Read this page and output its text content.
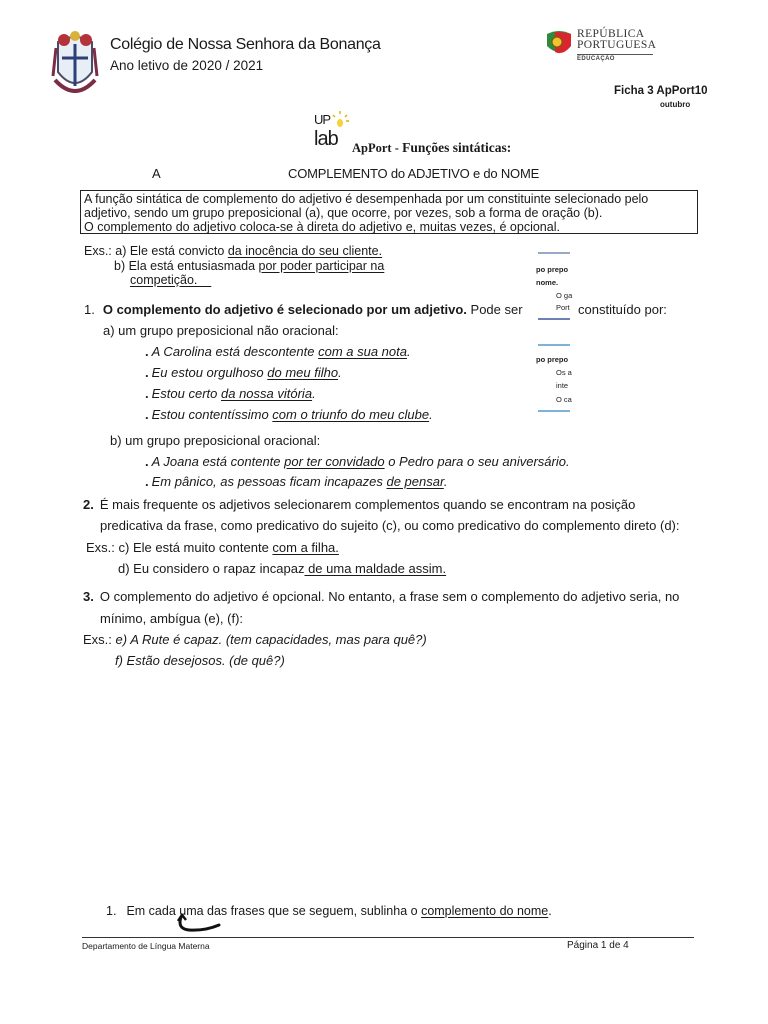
Colégio de Nossa Senhora da Bonança
Ano letivo de 2020 / 2021
REPÚBLICA
PORTUGUESA
EDUCAÇÃO
Ficha 3 ApPort10
outubro
UP
lab ApPort - Funções sintáticas:
A	COMPLEMENTO do ADJETIVO e do NOME
A função sintática de complemento do adjetivo é desempenhada por um constituinte selecionado pelo
adjetivo, sendo um grupo preposicional (a), que ocorre, por vezes, sob a forma de oração (b).
O complemento do adjetivo coloca-se à direta do adjetivo e, muitas vezes, é opcional.
Exs.: a) Ele está convicto da inocência do seu cliente.
b) Ela está entusiasmada por poder participar na
competição.
po prepo
nome.
O ga
Port
po prepo
Os a
inte
O ca
1. O complemento do adjetivo é selecionado por um adjetivo. Pode ser	constituído por:
a) um grupo preposicional não oracional:
. A Carolina está descontente com a sua nota.
. Eu estou orgulhoso do meu filho.
. Estou certo da nossa vitória.
. Estou contentíssimo com o triunfo do meu clube.
b) um grupo preposicional oracional:
. A Joana está contente por ter convidado o Pedro para o seu aniversário.
. Em pânico, as pessoas ficam incapazes de pensar.
2. É mais frequente os adjetivos selecionarem complementos quando se encontram na posição
predicativa da frase, como predicativo do sujeito (c), ou como predicativo do complemento direto (d):
Exs.: c) Ele está muito contente com a filha.
d) Eu considero o rapaz incapaz de uma maldade assim.
3. O complemento do adjetivo é opcional. No entanto, a frase sem o complemento do adjetivo seria, no
mínimo, ambígua (e), (f):
Exs.: e) A Rute é capaz. (tem capacidades, mas para quê?)
f) Estão desejosos. (de quê?)
1. Em cada uma das frases que se seguem, sublinha o complemento do nome.
Departamento de Língua Materna	Página 1 de 4
